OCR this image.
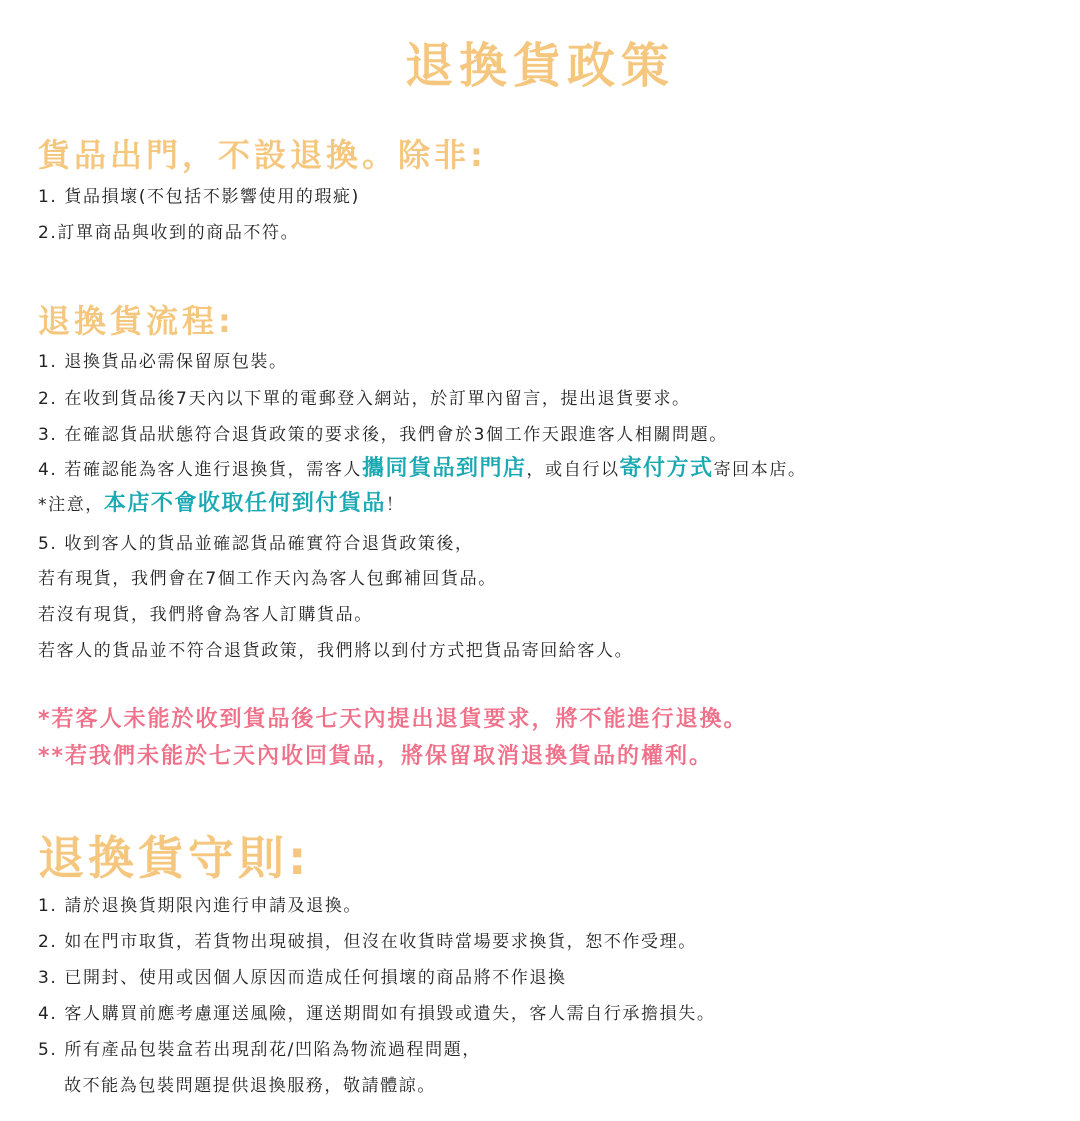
退換貨政策
貨品出門，不設退換。除非:
1. 貨品損壞(不包括不影響使用的瑕疵)
2.訂單商品與收到的商品不符。
退換貨流程:
1. 退換貨品必需保留原包裝。
2. 在收到貨品後7天內以下單的電郵登入網站，於訂單內留言，提出退貨要求。
3. 在確認貨品狀態符合退貨政策的要求後，我們會於3個工作天跟進客人相關問題。
4. 若確認能為客人進行退換貨，需客人攜同貨品到門店，或自行以寄付方式寄回本店。
*注意，本店不會收取任何到付貨品！
5. 收到客人的貨品並確認貨品確實符合退貨政策後，
若有現貨，我們會在7個工作天內為客人包郵補回貨品。
若沒有現貨，我們將會為客人訂購貨品。
若客人的貨品並不符合退貨政策，我們將以到付方式把貨品寄回給客人。
*若客人未能於收到貨品後七天內提出退貨要求，將不能進行退換。
**若我們未能於七天內收回貨品，將保留取消退換貨品的權利。
退換貨守則:
1. 請於退換貨期限內進行申請及退換。
2. 如在門市取貨，若貨物出現破損，但沒在收貨時當場要求換貨，恕不作受理。
3. 已開封、使用或因個人原因而造成任何損壞的商品將不作退換
4. 客人購買前應考慮運送風險，運送期間如有損毀或遺失，客人需自行承擔損失。
5. 所有產品包裝盒若出現刮花/凹陷為物流過程問題，
故不能為包裝問題提供退換服務，敬請體諒。
